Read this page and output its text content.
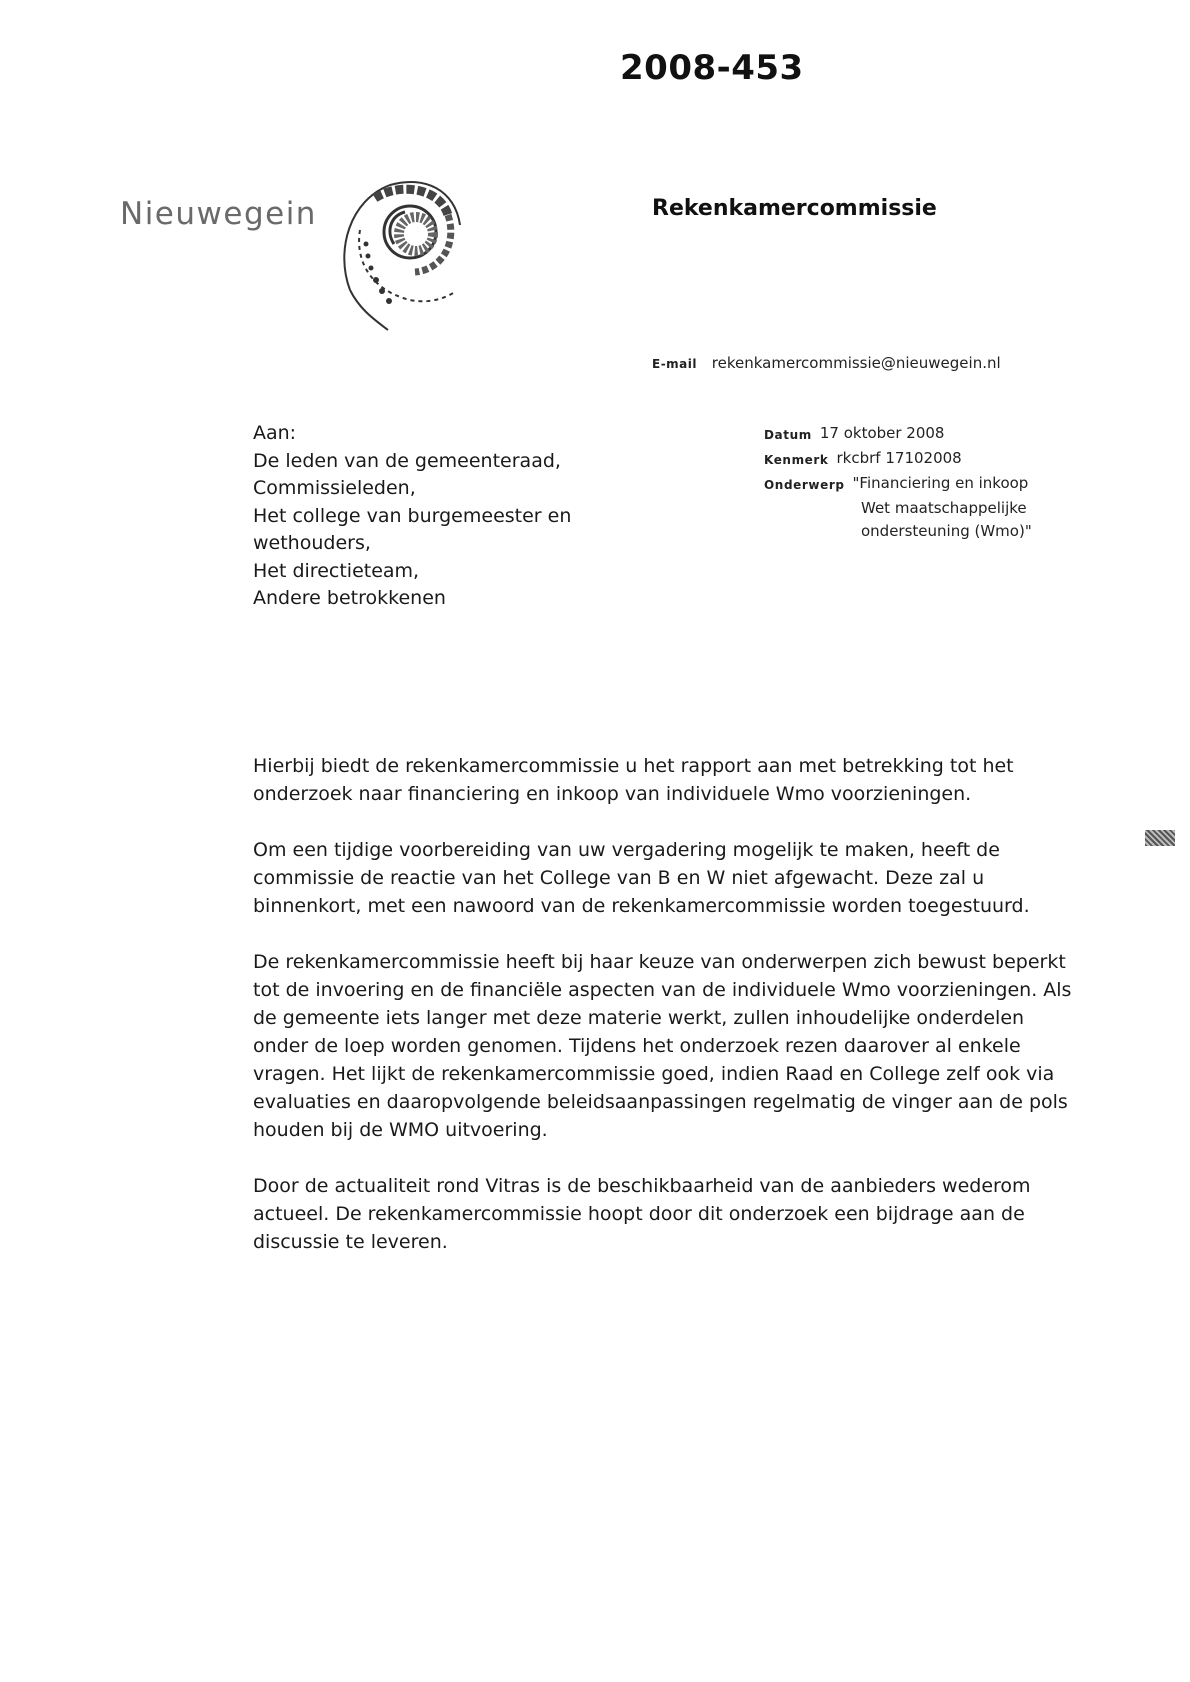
2008-453
Nieuwegein	Rekenkamercommissie
E-mail rekenkamercommissie@nieuwegein.nl
Aan:
De leden van de gemeenteraad,
Commissieleden,
Het college van burgemeester en
wethouders,
Het directieteam,
Andere betrokkenen
Datum 17 oktober 2008
Kenmerk rkcbrf 17102008
Onderwerp "Financiering en inkoop
Wet maatschappelijke
ondersteuning (Wmo)"

Hierbij biedt de rekenkamercommissie u het rapport aan met betrekking tot het
onderzoek naar financiering en inkoop van individuele Wmo voorzieningen.

Om een tijdige voorbereiding van uw vergadering mogelijk te maken, heeft de
commissie de reactie van het College van B en W niet afgewacht. Deze zal u
binnenkort, met een nawoord van de rekenkamercommissie worden toegestuurd.

De rekenkamercommissie heeft bij haar keuze van onderwerpen zich bewust beperkt
tot de invoering en de financiële aspecten van de individuele Wmo voorzieningen. Als
de gemeente iets langer met deze materie werkt, zullen inhoudelijke onderdelen
onder de loep worden genomen. Tijdens het onderzoek rezen daarover al enkele
vragen. Het lijkt de rekenkamercommissie goed, indien Raad en College zelf ook via
evaluaties en daaropvolgende beleidsaanpassingen regelmatig de vinger aan de pols
houden bij de WMO uitvoering.

Door de actualiteit rond Vitras is de beschikbaarheid van de aanbieders wederom
actueel. De rekenkamercommissie hoopt door dit onderzoek een bijdrage aan de
discussie te leveren.
